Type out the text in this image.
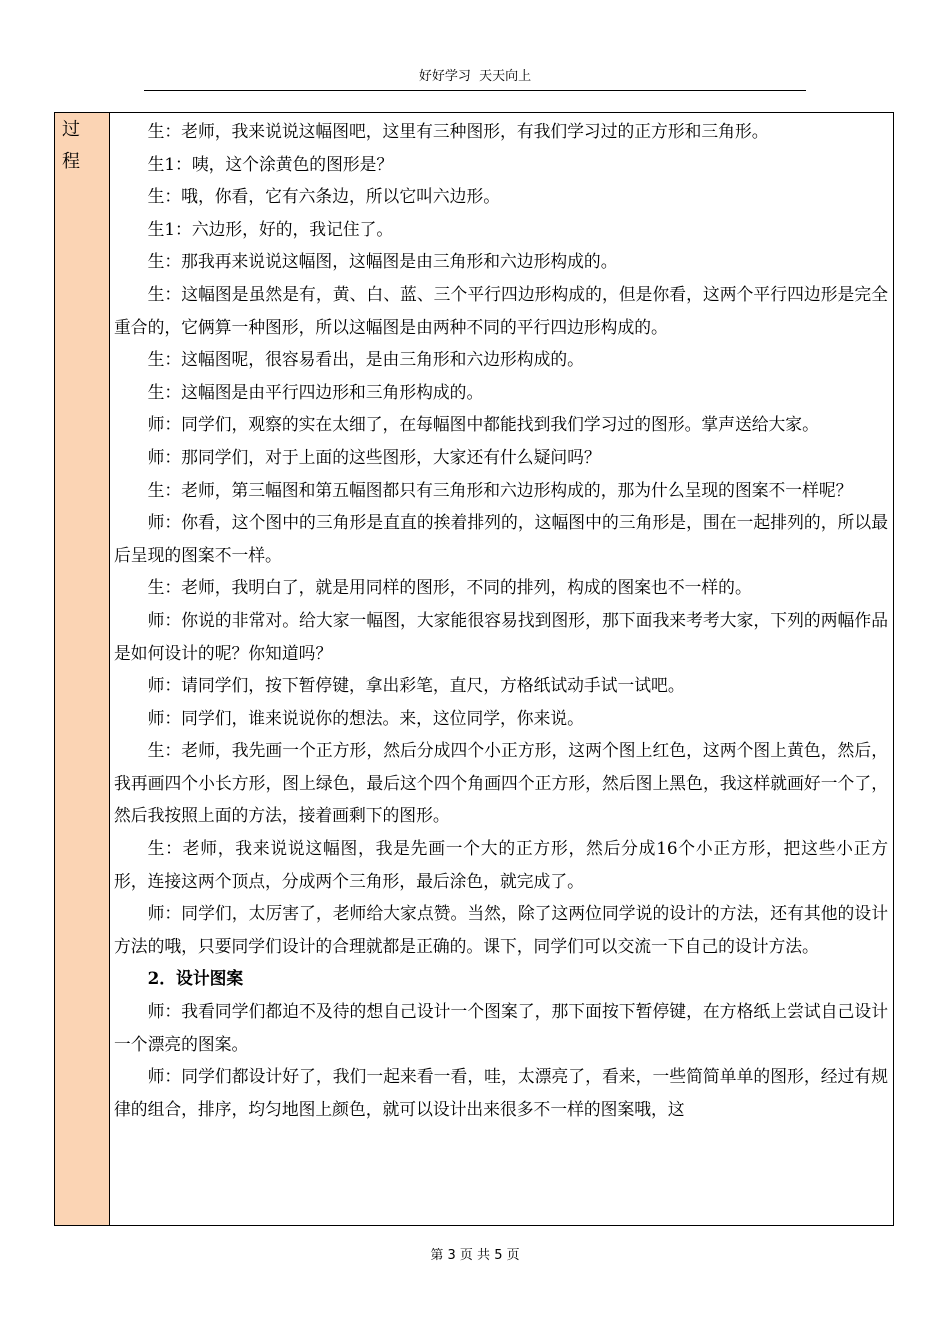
好好学习  天天向上
过
程

生：老师，我来说说这幅图吧，这里有三种图形，有我们学习过的正方形和三角形。

生1：咦，这个涂黄色的图形是？

生：哦，你看，它有六条边，所以它叫六边形。

生1：六边形，好的，我记住了。

生：那我再来说说这幅图，这幅图是由三角形和六边形构成的。

生：这幅图是虽然是有，黄、白、蓝、三个平行四边形构成的，但是你看，这两个平行四边形是完全重合的，它俩算一种图形，所以这幅图是由两种不同的平行四边形构成的。

生：这幅图呢，很容易看出，是由三角形和六边形构成的。

生：这幅图是由平行四边形和三角形构成的。

师：同学们，观察的实在太细了，在每幅图中都能找到我们学习过的图形。掌声送给大家。

师：那同学们，对于上面的这些图形，大家还有什么疑问吗？

生：老师，第三幅图和第五幅图都只有三角形和六边形构成的，那为什么呈现的图案不一样呢？

师：你看，这个图中的三角形是直直的挨着排列的，这幅图中的三角形是，围在一起排列的，所以最后呈现的图案不一样。

生：老师，我明白了，就是用同样的图形，不同的排列，构成的图案也不一样的。

师：你说的非常对。给大家一幅图，大家能很容易找到图形，那下面我来考考大家，下列的两幅作品是如何设计的呢？你知道吗？

师：请同学们，按下暂停键，拿出彩笔，直尺，方格纸试动手试一试吧。

师：同学们，谁来说说你的想法。来，这位同学，你来说。

生：老师，我先画一个正方形，然后分成四个小正方形，这两个图上红色，这两个图上黄色，然后，我再画四个小长方形，图上绿色，最后这个四个角画四个正方形，然后图上黑色，我这样就画好一个了，然后我按照上面的方法，接着画剩下的图形。

生：老师，我来说说这幅图，我是先画一个大的正方形，然后分成16个小正方形，把这些小正方形，连接这两个顶点，分成两个三角形，最后涂色，就完成了。

师：同学们，太厉害了，老师给大家点赞。当然，除了这两位同学说的设计的方法，还有其他的设计方法的哦，只要同学们设计的合理就都是正确的。课下，同学们可以交流一下自己的设计方法。

2．设计图案

师：我看同学们都迫不及待的想自己设计一个图案了，那下面按下暂停键，在方格纸上尝试自己设计一个漂亮的图案。

师：同学们都设计好了，我们一起来看一看，哇，太漂亮了，看来，一些简简单单的图形，经过有规律的组合，排序，均匀地图上颜色，就可以设计出来很多不一样的图案哦，这

第 3 页 共 5 页
